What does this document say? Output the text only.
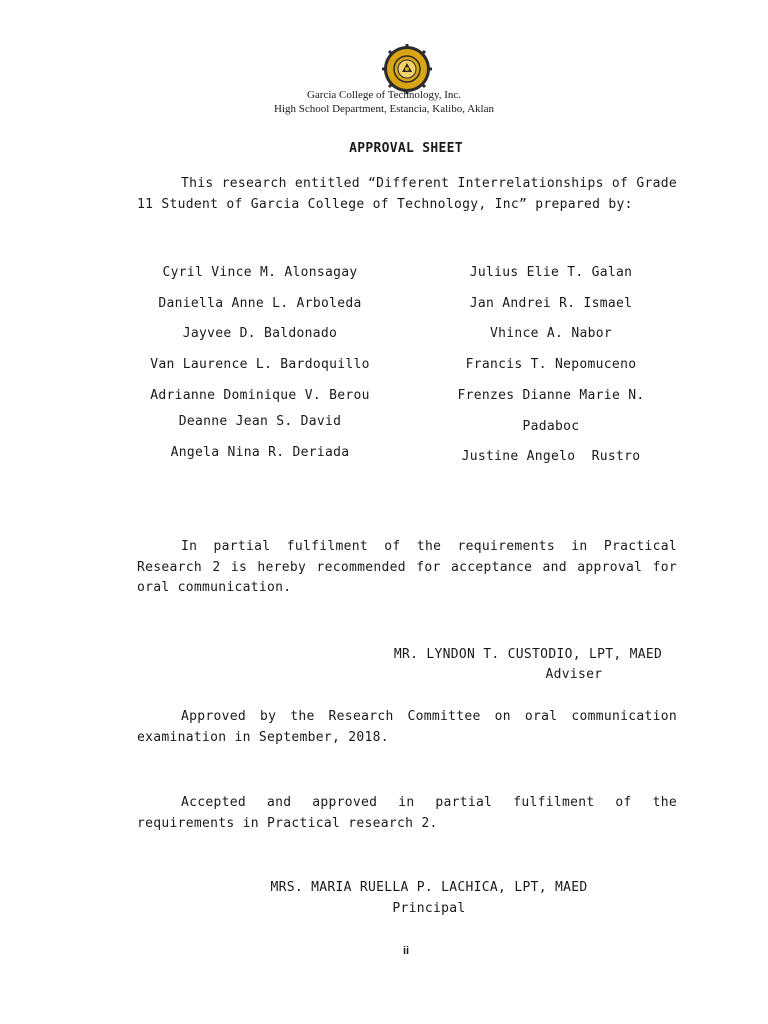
Garcia College of Technology, Inc.
High School Department, Estancia, Kalibo, Aklan
APPROVAL SHEET

This research entitled “Different Interrelationships of Grade 11 Student of Garcia College of Technology, Inc” prepared by:

Cyril Vince M. Alonsagay
Daniella Anne L. Arboleda
Jayvee D. Baldonado
Van Laurence L. Bardoquillo
Adrianne Dominique V. Berou
Deanne Jean S. David
Angela Nina R. Deriada
Julius Elie T. Galan
Jan Andrei R. Ismael
Vhince A. Nabor
Francis T. Nepomuceno
Frenzes Dianne Marie N.
Padaboc
Justine Angelo  Rustro

In partial fulfilment of the requirements in Practical Research 2 is hereby recommended for acceptance and approval for oral communication.

MR. LYNDON T. CUSTODIO, LPT, MAED
Adviser

Approved by the Research Committee on oral communication examination in September, 2018.

Accepted and approved in partial fulfilment of the requirements in Practical research 2.

MRS. MARIA RUELLA P. LACHICA, LPT, MAED
Principal
ii
